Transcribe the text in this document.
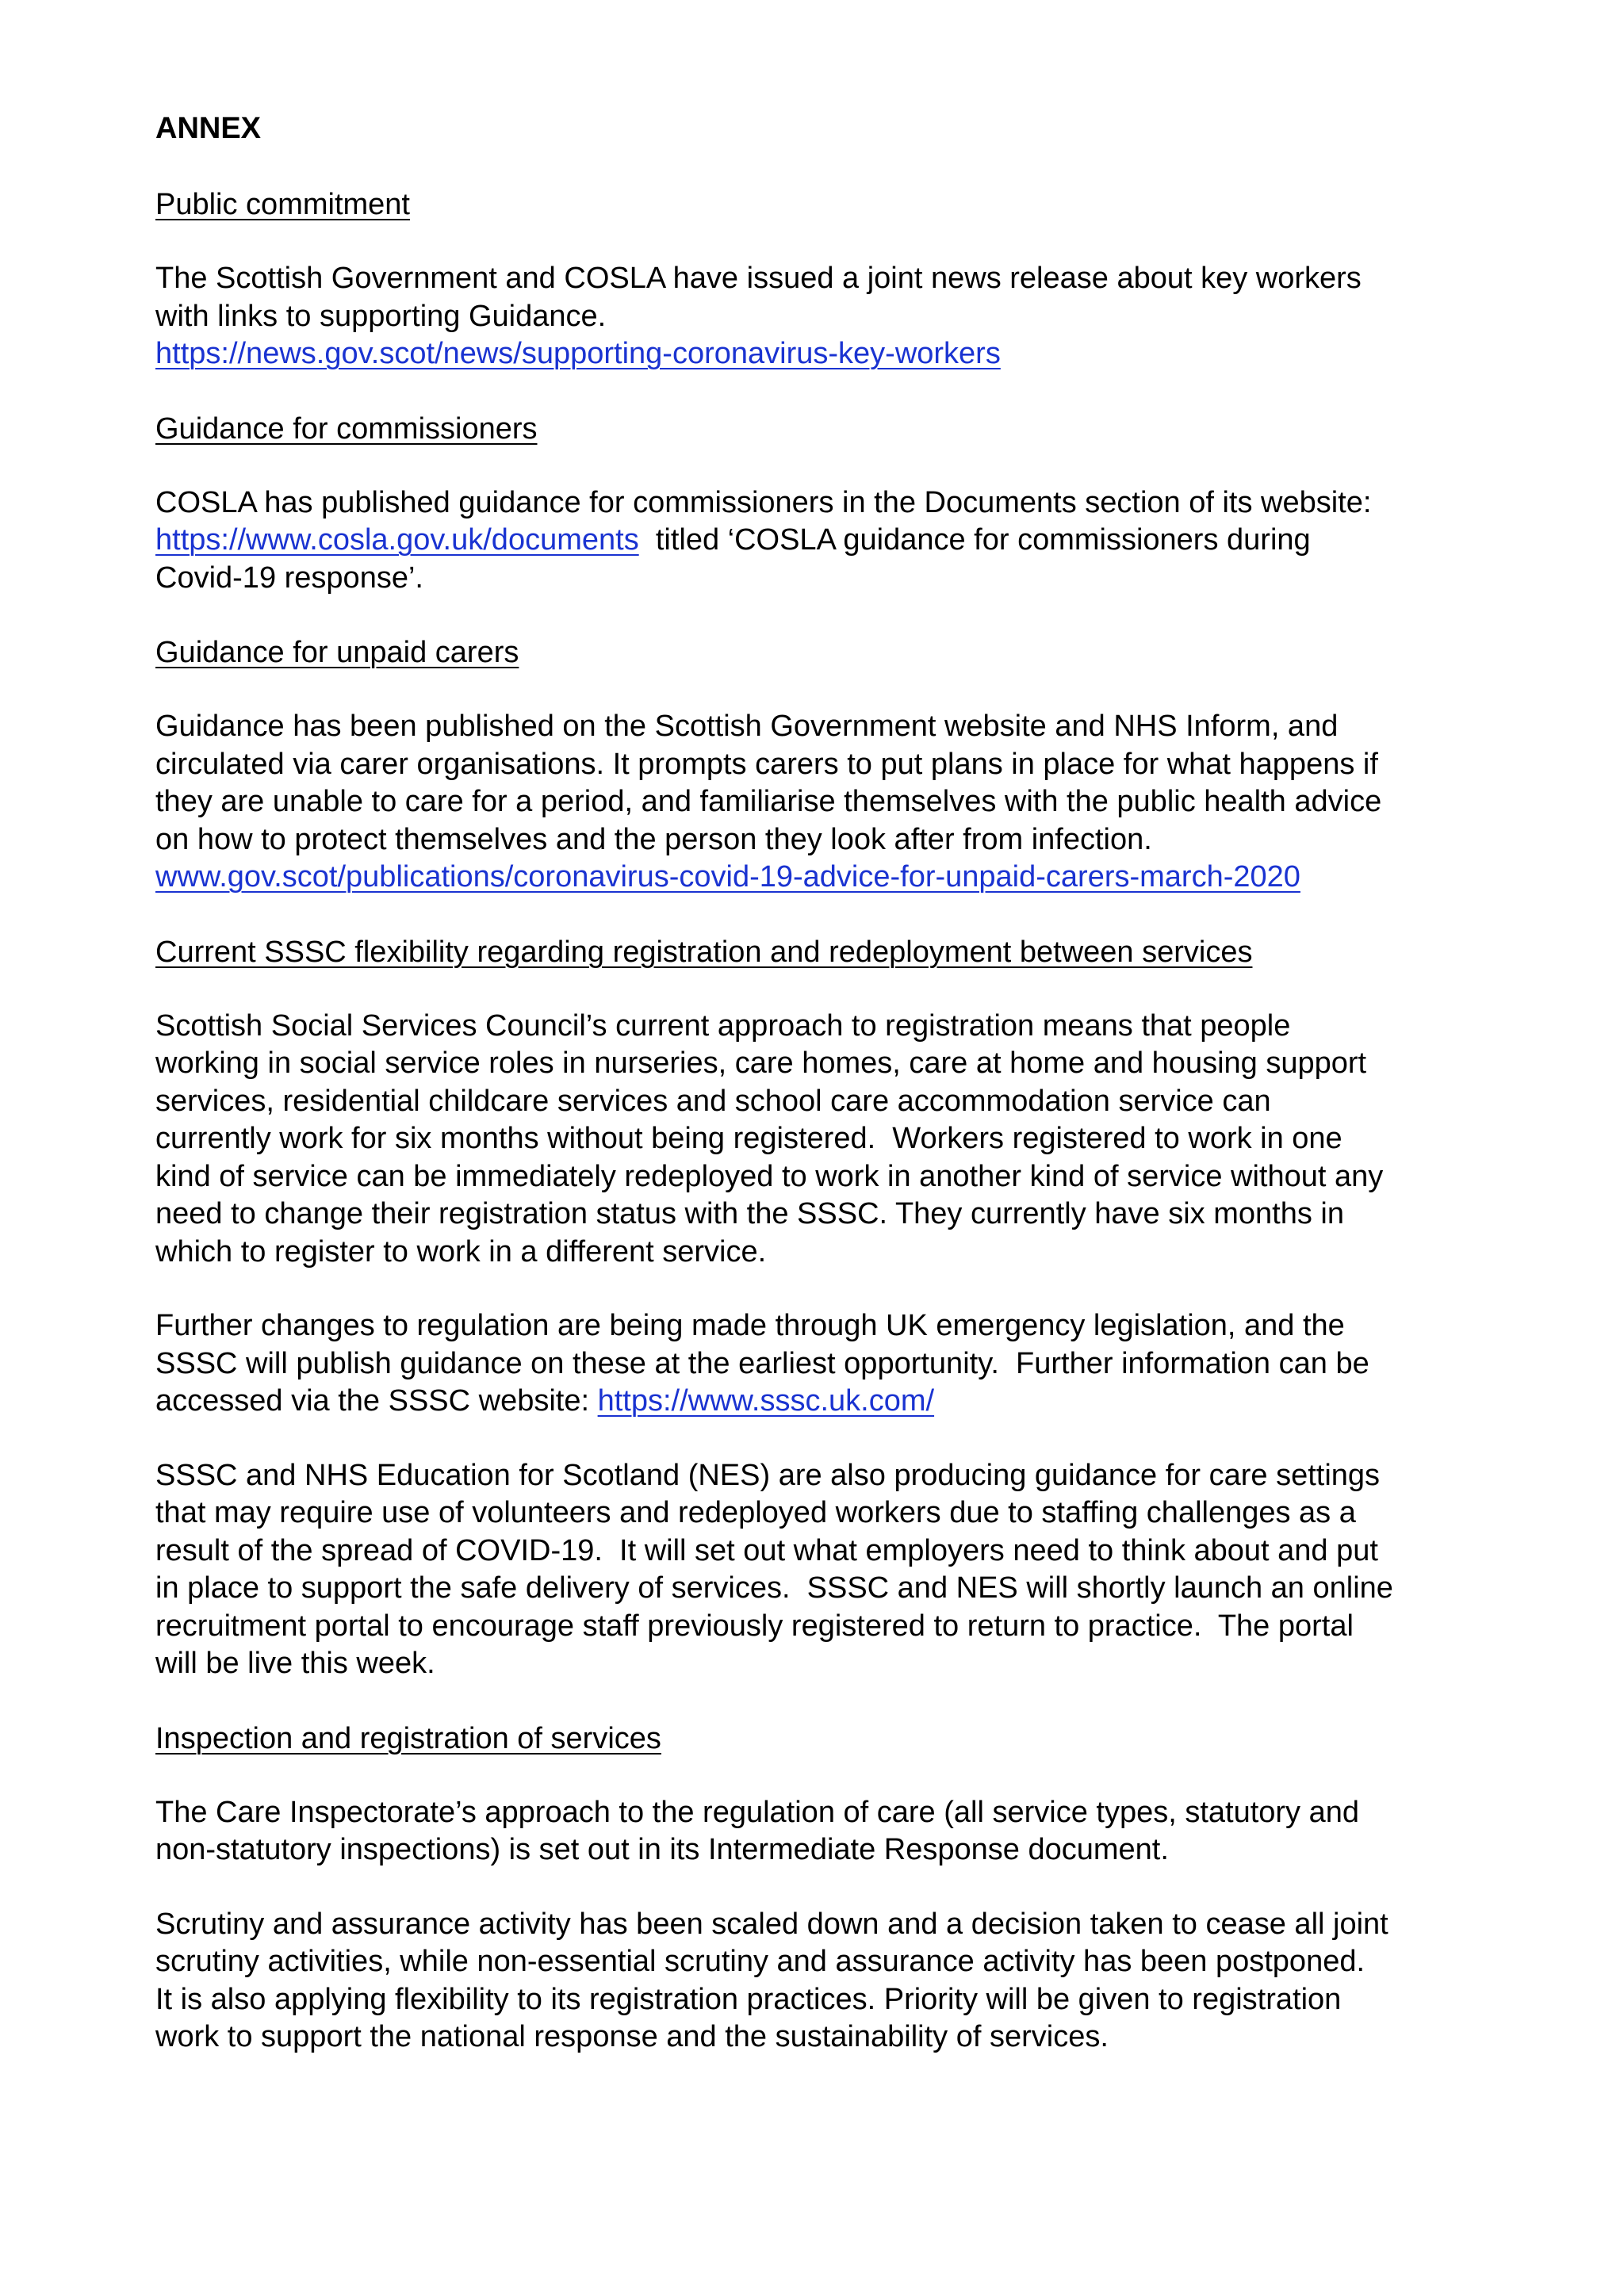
ANNEX
Public commitment
The Scottish Government and COSLA have issued a joint news release about key workers
with links to supporting Guidance.
https://news.gov.scot/news/supporting-coronavirus-key-workers
Guidance for commissioners
COSLA has published guidance for commissioners in the Documents section of its website:
https://www.cosla.gov.uk/documents  titled ‘COSLA guidance for commissioners during
Covid-19 response’.
Guidance for unpaid carers
Guidance has been published on the Scottish Government website and NHS Inform, and
circulated via carer organisations. It prompts carers to put plans in place for what happens if
they are unable to care for a period, and familiarise themselves with the public health advice
on how to protect themselves and the person they look after from infection.
www.gov.scot/publications/coronavirus-covid-19-advice-for-unpaid-carers-march-2020
Current SSSC flexibility regarding registration and redeployment between services
Scottish Social Services Council’s current approach to registration means that people
working in social service roles in nurseries, care homes, care at home and housing support
services, residential childcare services and school care accommodation service can
currently work for six months without being registered.  Workers registered to work in one
kind of service can be immediately redeployed to work in another kind of service without any
need to change their registration status with the SSSC. They currently have six months in
which to register to work in a different service.
Further changes to regulation are being made through UK emergency legislation, and the
SSSC will publish guidance on these at the earliest opportunity.  Further information can be
accessed via the SSSC website: https://www.sssc.uk.com/
SSSC and NHS Education for Scotland (NES) are also producing guidance for care settings
that may require use of volunteers and redeployed workers due to staffing challenges as a
result of the spread of COVID-19.  It will set out what employers need to think about and put
in place to support the safe delivery of services.  SSSC and NES will shortly launch an online
recruitment portal to encourage staff previously registered to return to practice.  The portal
will be live this week.
Inspection and registration of services
The Care Inspectorate’s approach to the regulation of care (all service types, statutory and
non-statutory inspections) is set out in its Intermediate Response document.
Scrutiny and assurance activity has been scaled down and a decision taken to cease all joint
scrutiny activities, while non-essential scrutiny and assurance activity has been postponed.
It is also applying flexibility to its registration practices. Priority will be given to registration
work to support the national response and the sustainability of services.
